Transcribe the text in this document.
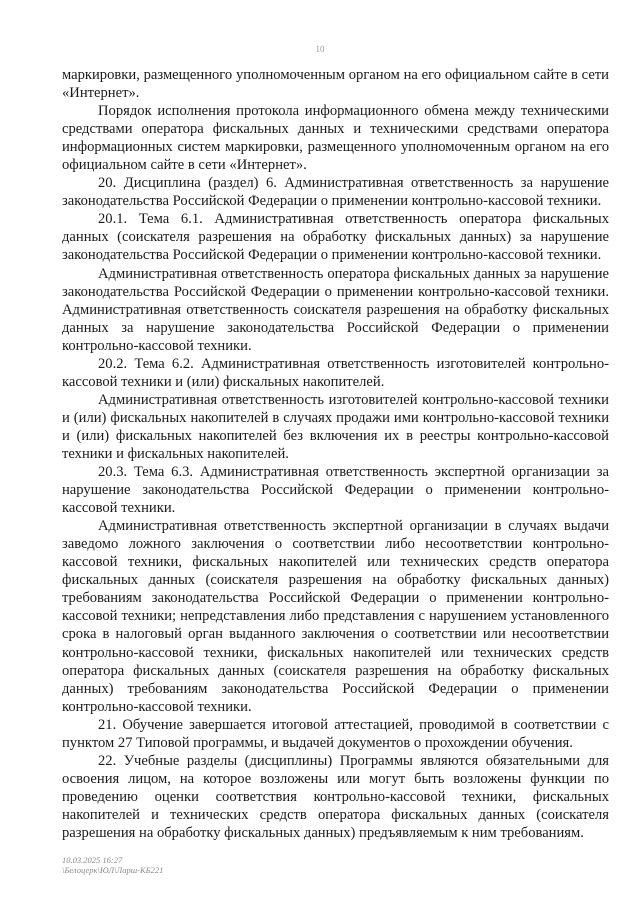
10

маркировки, размещенного уполномоченным органом на его официальном сайте в сети «Интернет».

Порядок исполнения протокола информационного обмена между техническими средствами оператора фискальных данных и техническими средствами оператора информационных систем маркировки, размещенного уполномоченным органом на его официальном сайте в сети «Интернет».

20. Дисциплина (раздел) 6. Административная ответственность за нарушение законодательства Российской Федерации о применении контрольно-кассовой техники.

20.1. Тема 6.1. Административная ответственность оператора фискальных данных (соискателя разрешения на обработку фискальных данных) за нарушение законодательства Российской Федерации о применении контрольно-кассовой техники.

Административная ответственность оператора фискальных данных за нарушение законодательства Российской Федерации о применении контрольно-кассовой техники. Административная ответственность соискателя разрешения на обработку фискальных данных за нарушение законодательства Российской Федерации о применении контрольно-кассовой техники.

20.2. Тема 6.2. Административная ответственность изготовителей контрольно-кассовой техники и (или) фискальных накопителей.

Административная ответственность изготовителей контрольно-кассовой техники и (или) фискальных накопителей в случаях продажи ими контрольно-кассовой техники и (или) фискальных накопителей без включения их в реестры контрольно-кассовой техники и фискальных накопителей.

20.3. Тема 6.3. Административная ответственность экспертной организации за нарушение законодательства Российской Федерации о применении контрольно-кассовой техники.

Административная ответственность экспертной организации в случаях выдачи заведомо ложного заключения о соответствии либо несоответствии контрольно-кассовой техники, фискальных накопителей или технических средств оператора фискальных данных (соискателя разрешения на обработку фискальных данных) требованиям законодательства Российской Федерации о применении контрольно-кассовой техники; непредставления либо представления с нарушением установленного срока в налоговый орган выданного заключения о соответствии или несоответствии контрольно-кассовой техники, фискальных накопителей или технических средств оператора фискальных данных (соискателя разрешения на обработку фискальных данных) требованиям законодательства Российской Федерации о применении контрольно-кассовой техники.

21. Обучение завершается итоговой аттестацией, проводимой в соответствии с пунктом 27 Типовой программы, и выдачей документов о прохождении обучения.

22. Учебные разделы (дисциплины) Программы являются обязательными для освоения лицом, на которое возложены или могут быть возложены функции по проведению оценки соответствия контрольно-кассовой техники, фискальных накопителей и технических средств оператора фискальных данных (соискателя разрешения на обработку фискальных данных) предъявляемым к ним требованиям.

10.03.2025 16:27
\Белоцерк\ЮЛ\Ларш-КБ221
